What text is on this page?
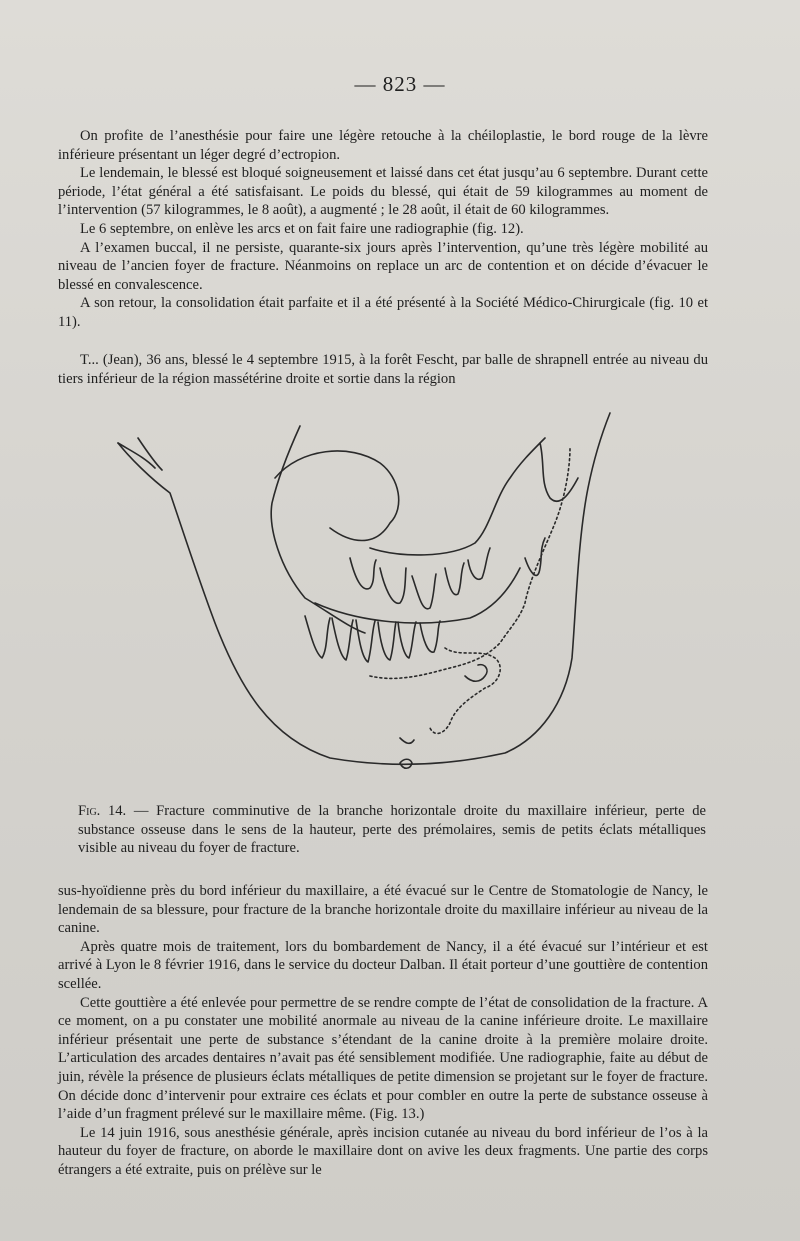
— 823 —

On profite de l’anesthésie pour faire une légère retouche à la chéiloplastie, le bord rouge de la lèvre inférieure présentant un léger degré d’ectropion.

Le lendemain, le blessé est bloqué soigneusement et laissé dans cet état jusqu’au 6 septembre. Durant cette période, l’état général a été satisfaisant. Le poids du blessé, qui était de 59 kilogrammes au moment de l’intervention (57 kilogrammes, le 8 août), a augmenté ; le 28 août, il était de 60 kilogrammes.

Le 6 septembre, on enlève les arcs et on fait faire une radiographie (fig. 12).

A l’examen buccal, il ne persiste, quarante-six jours après l’intervention, qu’une très légère mobilité au niveau de l’ancien foyer de fracture. Néanmoins on replace un arc de contention et on décide d’évacuer le blessé en convalescence.

A son retour, la consolidation était parfaite et il a été présenté à la Société Médico-Chirurgicale (fig. 10 et 11).

T... (Jean), 36 ans, blessé le 4 septembre 1915, à la forêt Fescht, par balle de shrapnell entrée au niveau du tiers inférieur de la région massétérine droite et sortie dans la région

Fig. 14. — Fracture comminutive de la branche horizontale droite du maxillaire inférieur, perte de substance osseuse dans le sens de la hauteur, perte des prémolaires, semis de petits éclats métalliques visible au niveau du foyer de fracture.

sus-hyoïdienne près du bord inférieur du maxillaire, a été évacué sur le Centre de Stomatologie de Nancy, le lendemain de sa blessure, pour fracture de la branche horizontale droite du maxillaire inférieur au niveau de la canine.

Après quatre mois de traitement, lors du bombardement de Nancy, il a été évacué sur l’intérieur et est arrivé à Lyon le 8 février 1916, dans le service du docteur Dalban. Il était porteur d’une gouttière de contention scellée.

Cette gouttière a été enlevée pour permettre de se rendre compte de l’état de consolidation de la fracture. A ce moment, on a pu constater une mobilité anormale au niveau de la canine inférieure droite. Le maxillaire inférieur présentait une perte de substance s’étendant de la canine droite à la première molaire droite. L’articulation des arcades dentaires n’avait pas été sensiblement modifiée. Une radiographie, faite au début de juin, révèle la présence de plusieurs éclats métalliques de petite dimension se projetant sur le foyer de fracture. On décide donc d’intervenir pour extraire ces éclats et pour combler en outre la perte de substance osseuse à l’aide d’un fragment prélevé sur le maxillaire même. (Fig. 13.)

Le 14 juin 1916, sous anesthésie générale, après incision cutanée au niveau du bord inférieur de l’os à la hauteur du foyer de fracture, on aborde le maxillaire dont on avive les deux fragments. Une partie des corps étrangers a été extraite, puis on prélève sur le
